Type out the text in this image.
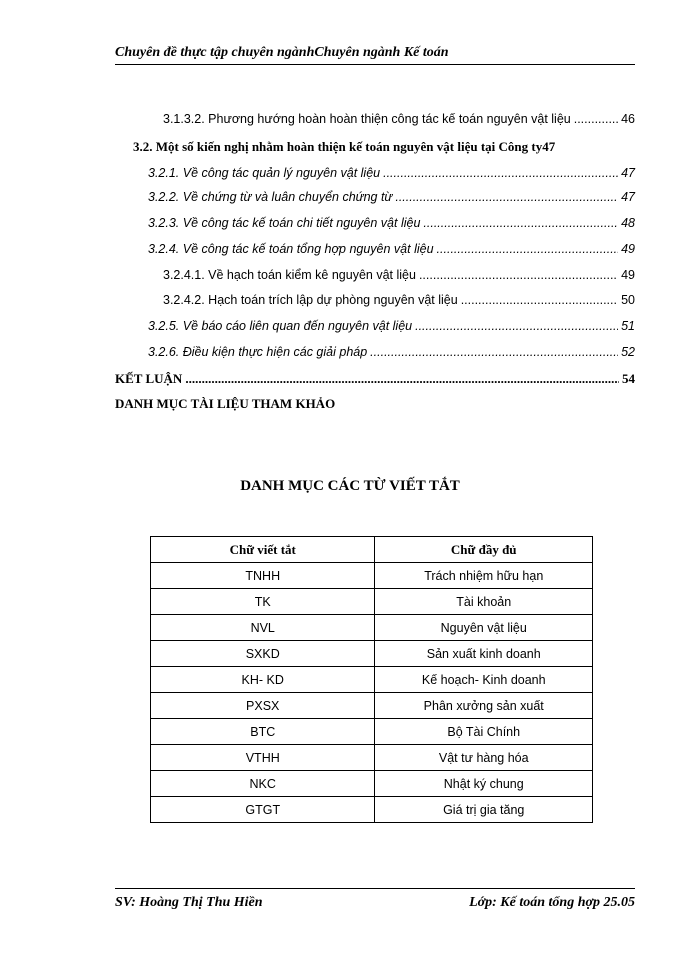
Chuyên đề thực tập chuyên ngànhChuyên ngành Kế toán
3.1.3.2. Phương hướng hoàn hoàn thiện công tác kế toán nguyên vật liệu .....	46
3.2. Một số kiến nghị nhằm hoàn thiện kế toán nguyên vật liệu tại Công ty 47
3.2.1. Về công tác quản lý nguyên vật liệu .....	47
3.2.2. Về chứng từ và luân chuyển chứng từ .....	47
3.2.3. Về công tác kế toán chi tiết nguyên vật liệu .....	48
3.2.4. Về công tác kế toán tổng hợp nguyên vật liệu .....	49
3.2.4.1. Về hạch toán kiểm kê nguyên vật liệu .....	49
3.2.4.2. Hạch toán trích lập dự phòng nguyên vật liệu .....	50
3.2.5. Về báo cáo liên quan đến nguyên vật liệu .....	51
3.2.6. Điều kiện thực hiện các giải pháp .....	52
KẾT LUẬN .....	54
DANH MỤC TÀI LIỆU THAM KHẢO
DANH MỤC CÁC TỪ VIẾT TẮT
Chữ viết tắt	Chữ đầy đủ
TNHH	Trách nhiệm hữu hạn
TK	Tài khoản
NVL	Nguyên vật liệu
SXKD	Sản xuất kinh doanh
KH- KD	Kế hoạch- Kinh doanh
PXSX	Phân xưởng sản xuất
BTC	Bộ Tài Chính
VTHH	Vật tư hàng hóa
NKC	Nhật ký chung
GTGT	Giá trị gia tăng
SV: Hoàng Thị Thu Hiền	Lớp: Kế toán tổng hợp 25.05
